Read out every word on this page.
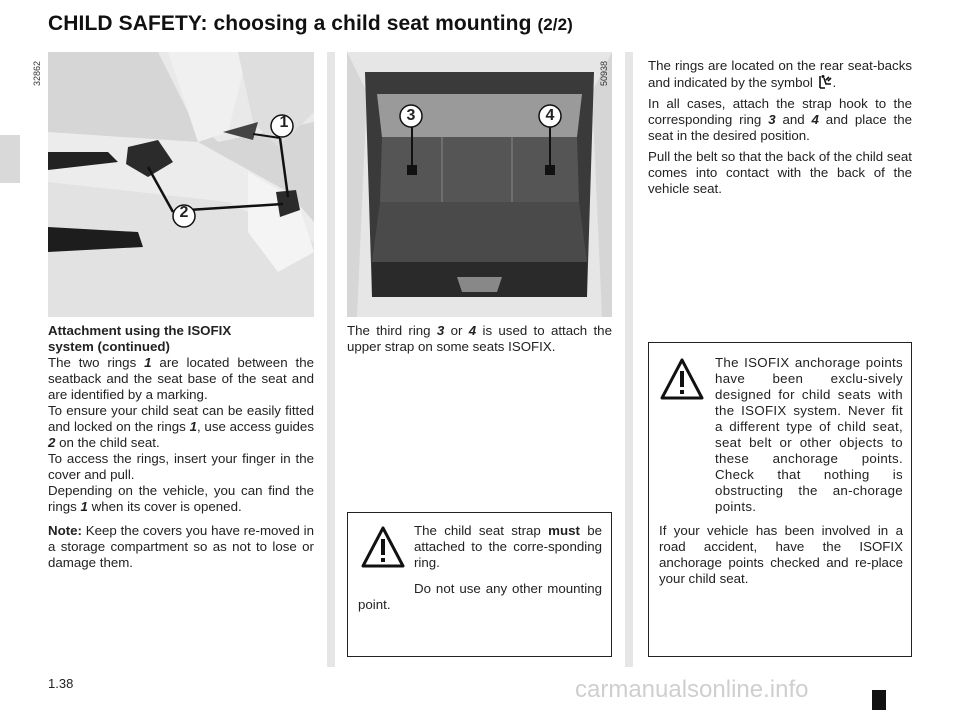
CHILD SAFETY: choosing a child seat mounting (2/2)
1
2
32862
3	4
50938

Attachment using the ISOFIX
system (continued)

The two rings 1 are located between the seatback and the seat base of the seat and are identified by a marking.

To ensure your child seat can be easily fitted and locked on the rings 1, use access guides 2 on the child seat.

To access the rings, insert your finger in the cover and pull.

Depending on the vehicle, you can find the rings 1 when its cover is opened.

Note: Keep the covers you have re-moved in a storage compartment so as not to lose or damage them.

The third ring 3 or 4 is used to attach the upper strap on some seats ISOFIX.

The child seat strap must be attached to the corre-sponding ring.

Do not use any other mounting point.

The rings are located on the rear seat-backs and indicated by the symbol .

In all cases, attach the strap hook to the corresponding ring 3 and 4 and place the seat in the desired position.

Pull the belt so that the back of the child seat comes into contact with the back of the vehicle seat.

The ISOFIX anchorage points have been exclu-sively designed for child seats with the ISOFIX system. Never fit a different type of child seat, seat belt or other objects to these anchorage points. Check that nothing is obstructing the an-chorage points.

If your vehicle has been involved in a road accident, have the ISOFIX anchorage points checked and re-place your child seat.

1.38	carmanualsonline.info
